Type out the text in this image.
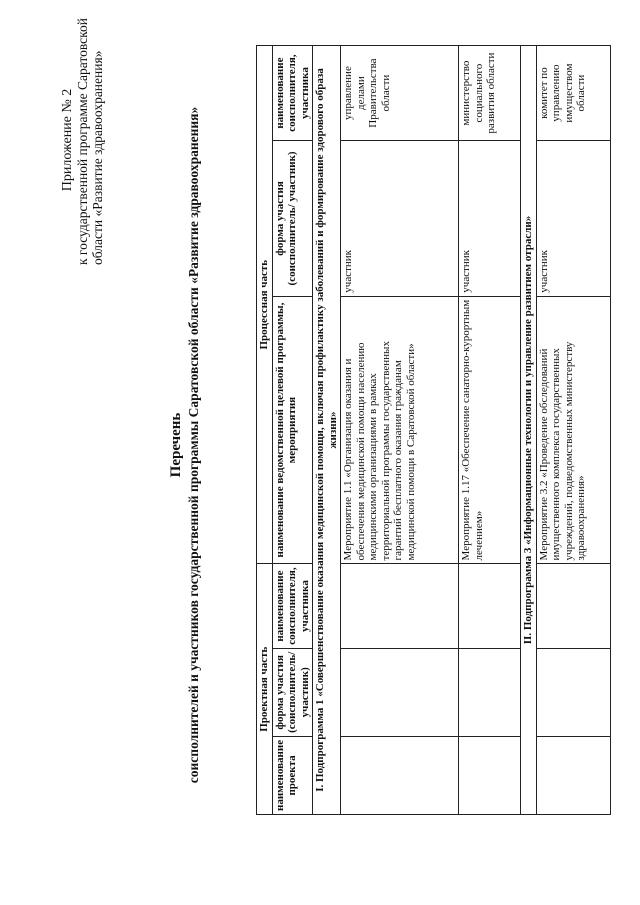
Приложение № 2 к государственной программе Саратовской области «Развитие здравоохранения»
Перечень соисполнителей и участников государственной программы Саратовской области «Развитие здравоохранения»	Проектная часть			Процессная часть		
наименование проекта	форма участия (соисполнитель/ участник)	наименование соисполнителя, участника	наименование ведомственной целевой программы, мероприятия	форма участия (соисполнитель/ участник)	наименование соисполнителя, участника
I. Подпрограмма 1 «Совершенствование оказания медицинской помощи, включая профилактику заболеваний и формирование здорового образа жизни»					
			Мероприятие 1.1 «Организация оказания и обеспечения медицинской помощи населению медицинскими организациями в рамках территориальной программы государственных гарантий бесплатного оказания гражданам медицинской помощи в Саратовской области»	участник	управление делами Правительства области
			Мероприятие 1.17 «Обеспечение санаторно-курортным лечением»	участник	министерство социального развития области
II. Подпрограмма 3 «Информационные технологии и управление развитием отрасли»					
			Мероприятие 3.2 «Проведение обследований имущественного комплекса государственных учреждений, подведомственных министерству здравоохранения»	участник	комитет по управлению имуществом области
